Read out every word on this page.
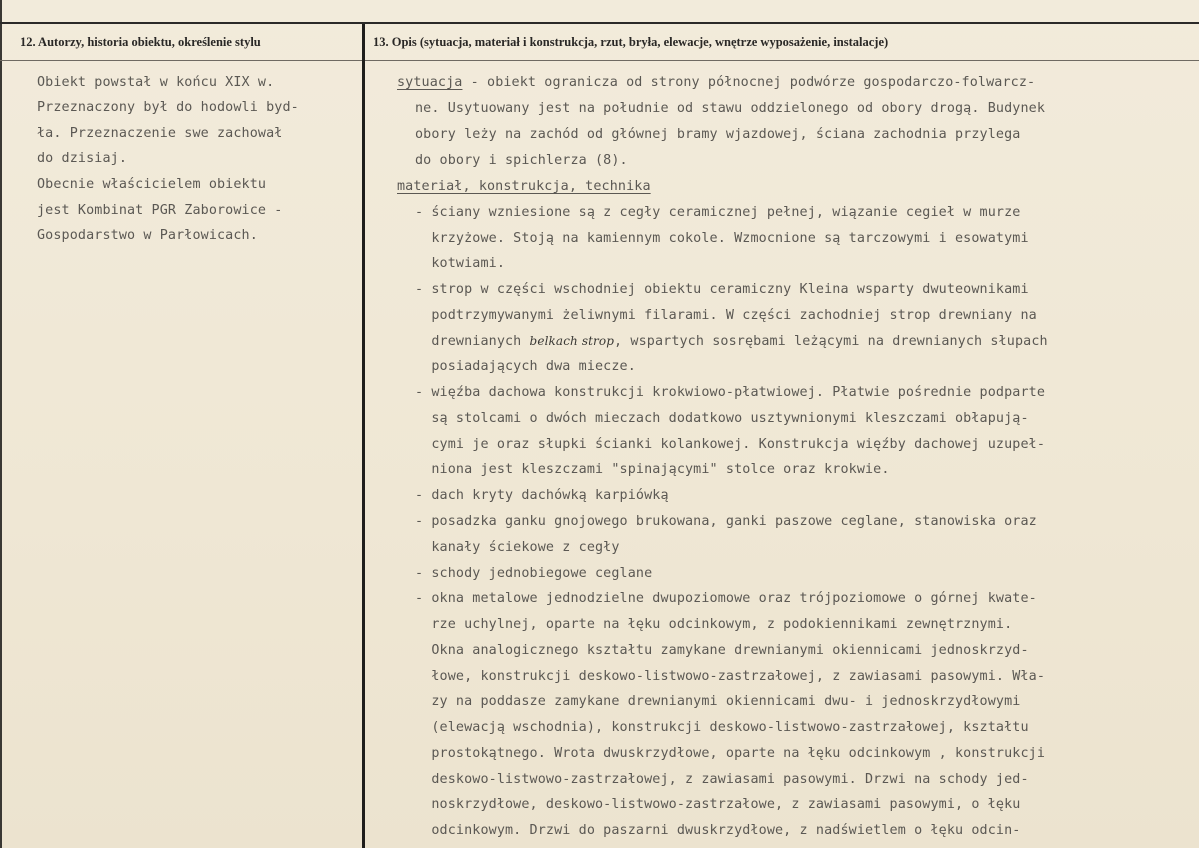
12. Autorzy, historia obiektu, określenie stylu	13. Opis (sytuacja, materiał i konstrukcja, rzut, bryła, elewacje, wnętrze wyposażenie, instalacje)
Obiekt powstał w końcu XIX w.
Przeznaczony był do hodowli byd-
ła. Przeznaczenie swe zachował
do dzisiaj.
Obecnie właścicielem obiektu
jest Kombinat PGR Zaborowice -
Gospodarstwo w Parłowicach.
sytuacja - obiekt ogranicza od strony północnej podwórze gospodarczo-folwarcz-
ne. Usytuowany jest na południe od stawu oddzielonego od obory drogą. Budynek
obory leży na zachód od głównej bramy wjazdowej, ściana zachodnia przylega
do obory i spichlerza (8).
materiał, konstrukcja, technika
- ściany wzniesione są z cegły ceramicznej pełnej, wiązanie cegieł w murze
krzyżowe. Stoją na kamiennym cokole. Wzmocnione są tarczowymi i esowatymi
kotwiami.
- strop w części wschodniej obiektu ceramiczny Kleina wsparty dwuteownikami
podtrzymywanymi żeliwnymi filarami. W części zachodniej strop drewniany na
drewnianych belkach strop, wspartych sosrębami leżącymi na drewnianych słupach
posiadających dwa miecze.
- więźba dachowa konstrukcji krokwiowo-płatwiowej. Płatwie pośrednie podparte
są stolcami o dwóch mieczach dodatkowo usztywnionymi kleszczami obłapują-
cymi je oraz słupki ścianki kolankowej. Konstrukcja więźby dachowej uzupeł-
niona jest kleszczami "spinającymi" stolce oraz krokwie.
- dach kryty dachówką karpiówką
- posadzka ganku gnojowego brukowana, ganki paszowe ceglane, stanowiska oraz
kanały ściekowe z cegły
- schody jednobiegowe ceglane
- okna metalowe jednodzielne dwupoziomowe oraz trójpoziomowe o górnej kwate-
rze uchylnej, oparte na łęku odcinkowym, z podokiennikami zewnętrznymi.
Okna analogicznego kształtu zamykane drewnianymi okiennicami jednoskrzyd-
łowe, konstrukcji deskowo-listwowo-zastrzałowej, z zawiasami pasowymi. Wła-
zy na poddasze zamykane drewnianymi okiennicami dwu- i jednoskrzydłowymi
(elewacją wschodnia), konstrukcji deskowo-listwowo-zastrzałowej, kształtu
prostokątnego. Wrota dwuskrzydłowe, oparte na łęku odcinkowym , konstrukcji
deskowo-listwowo-zastrzałowej, z zawiasami pasowymi. Drzwi na schody jed-
noskrzydłowe, deskowo-listwowo-zastrzałowe, z zawiasami pasowymi, o łęku
odcinkowym. Drzwi do paszarni dwuskrzydłowe, z nadświetlem o łęku odcin-
